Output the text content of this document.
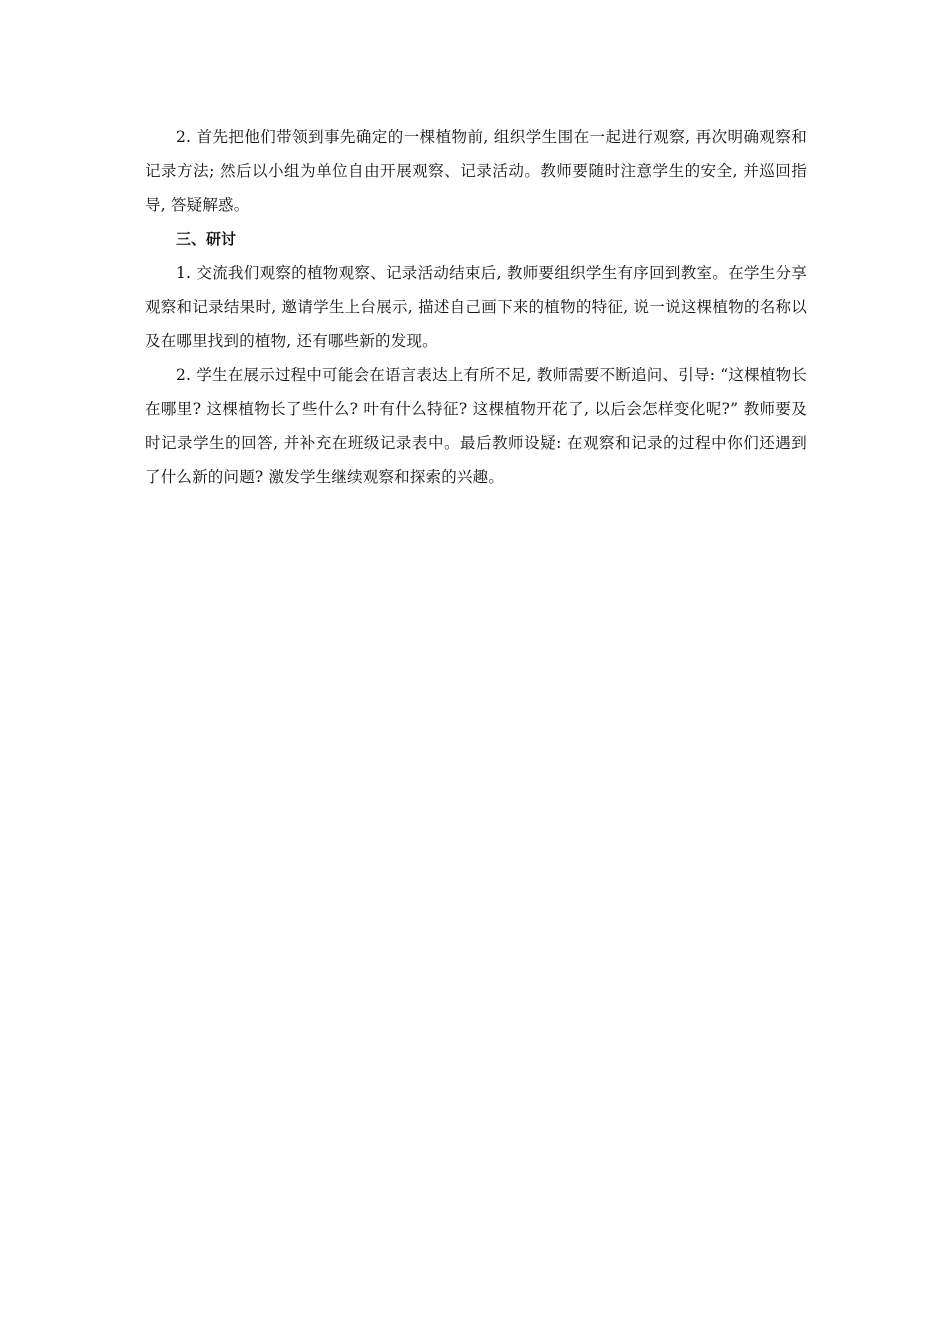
2. 首先把他们带领到事先确定的一棵植物前, 组织学生围在一起进行观察, 再次明确观察和记录方法; 然后以小组为单位自由开展观察、记录活动。教师要随时注意学生的安全, 并巡回指导, 答疑解惑。

三、研讨

1. 交流我们观察的植物观察、记录活动结束后, 教师要组织学生有序回到教室。在学生分享观察和记录结果时, 邀请学生上台展示, 描述自己画下来的植物的特征, 说一说这棵植物的名称以及在哪里找到的植物, 还有哪些新的发现。

2. 学生在展示过程中可能会在语言表达上有所不足, 教师需要不断追问、引导: “这棵植物长在哪里? 这棵植物长了些什么? 叶有什么特征? 这棵植物开花了, 以后会怎样变化呢?” 教师要及时记录学生的回答, 并补充在班级记录表中。最后教师设疑: 在观察和记录的过程中你们还遇到了什么新的问题? 激发学生继续观察和探索的兴趣。
